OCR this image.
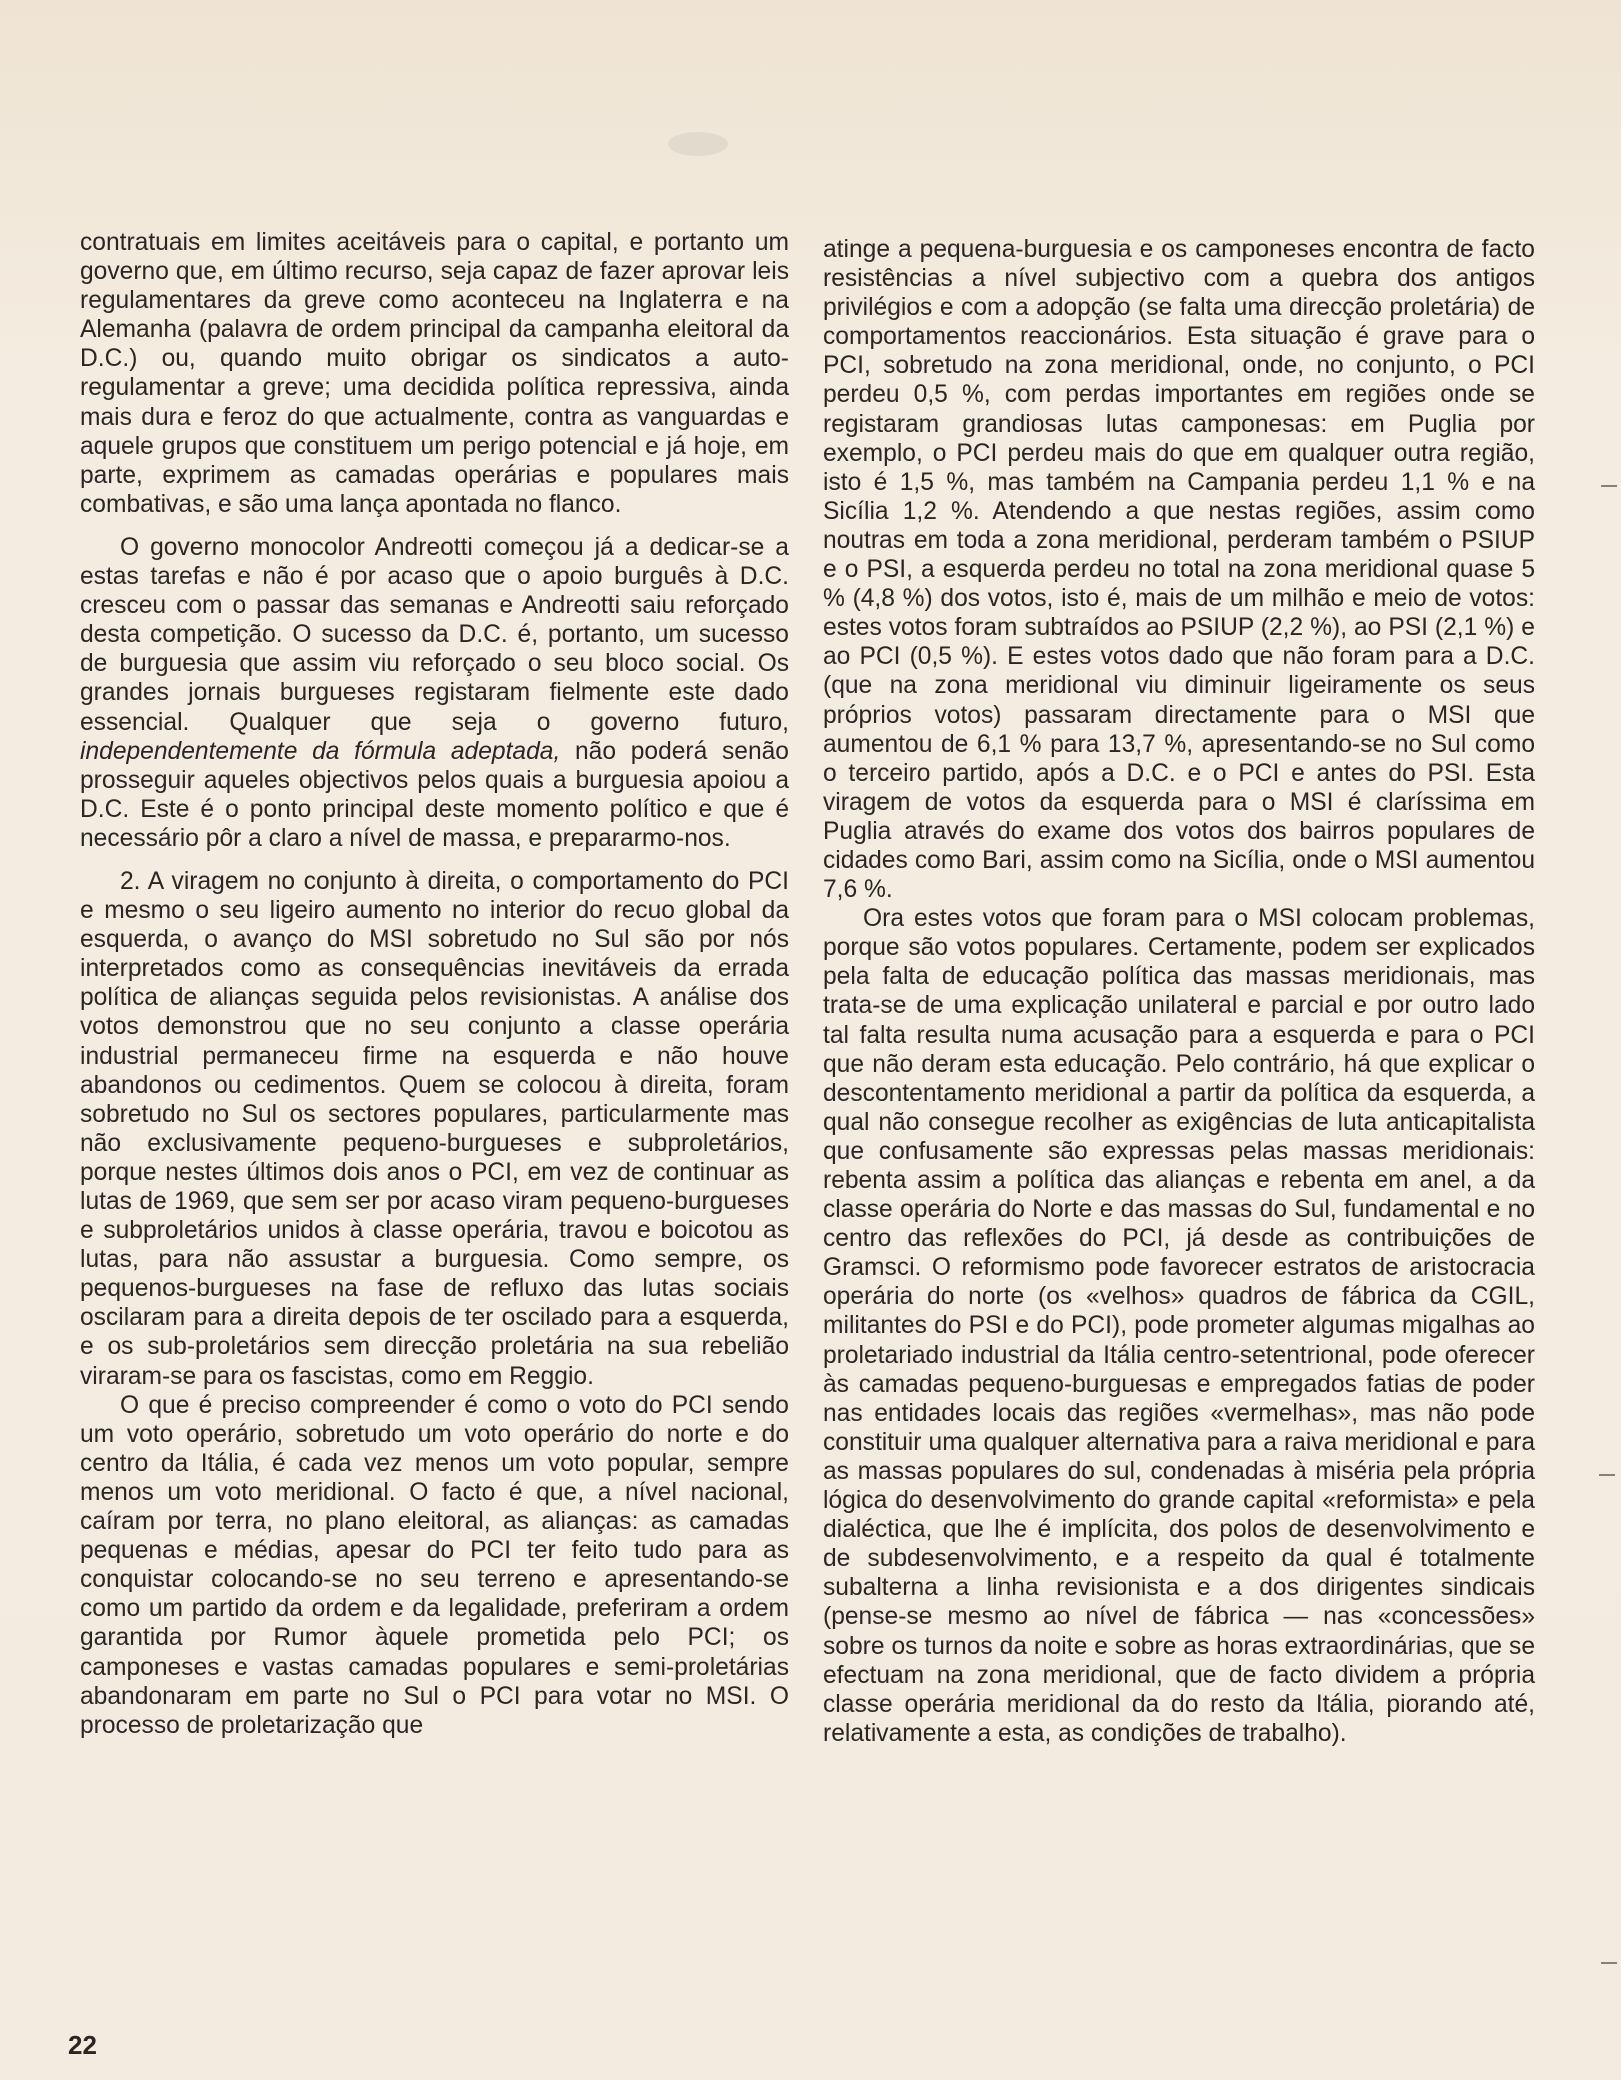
contratuais em limites aceitáveis para o capital, e portanto um governo que, em último recurso, seja capaz de fazer aprovar leis regulamentares da greve como aconteceu na Inglaterra e na Alemanha (palavra de ordem principal da campanha eleitoral da D.C.) ou, quando muito obrigar os sindicatos a auto-regulamentar a greve; uma decidida política repressiva, ainda mais dura e feroz do que actualmente, contra as vanguardas e aquele grupos que constituem um perigo potencial e já hoje, em parte, exprimem as camadas operárias e populares mais combativas, e são uma lança apontada no flanco.

O governo monocolor Andreotti começou já a dedicar-se a estas tarefas e não é por acaso que o apoio burguês à D.C. cresceu com o passar das semanas e Andreotti saiu reforçado desta competição. O sucesso da D.C. é, portanto, um sucesso de burguesia que assim viu reforçado o seu bloco social. Os grandes jornais burgueses registaram fielmente este dado essencial. Qualquer que seja o governo futuro, independentemente da fórmula adeptada, não poderá senão prosseguir aqueles objectivos pelos quais a burguesia apoiou a D.C. Este é o ponto principal deste momento político e que é necessário pôr a claro a nível de massa, e prepararmo-nos.

2. A viragem no conjunto à direita, o comportamento do PCI e mesmo o seu ligeiro aumento no interior do recuo global da esquerda, o avanço do MSI sobretudo no Sul são por nós interpretados como as consequências inevitáveis da errada política de alianças seguida pelos revisionistas. A análise dos votos demonstrou que no seu conjunto a classe operária industrial permaneceu firme na esquerda e não houve abandonos ou cedimentos. Quem se colocou à direita, foram sobretudo no Sul os sectores populares, particularmente mas não exclusivamente pequeno-burgueses e subproletários, porque nestes últimos dois anos o PCI, em vez de continuar as lutas de 1969, que sem ser por acaso viram pequeno-burgueses e subproletários unidos à classe operária, travou e boicotou as lutas, para não assustar a burguesia. Como sempre, os pequenos-burgueses na fase de refluxo das lutas sociais oscilaram para a direita depois de ter oscilado para a esquerda, e os sub-proletários sem direcção proletária na sua rebelião viraram-se para os fascistas, como em Reggio.

O que é preciso compreender é como o voto do PCI sendo um voto operário, sobretudo um voto operário do norte e do centro da Itália, é cada vez menos um voto popular, sempre menos um voto meridional. O facto é que, a nível nacional, caíram por terra, no plano eleitoral, as alianças: as camadas pequenas e médias, apesar do PCI ter feito tudo para as conquistar colocando-se no seu terreno e apresentando-se como um partido da ordem e da legalidade, preferiram a ordem garantida por Rumor àquele prometida pelo PCI; os camponeses e vastas camadas populares e semi-proletárias abandonaram em parte no Sul o PCI para votar no MSI. O processo de proletarização que

atinge a pequena-burguesia e os camponeses encontra de facto resistências a nível subjectivo com a quebra dos antigos privilégios e com a adopção (se falta uma direcção proletária) de comportamentos reaccionários. Esta situação é grave para o PCI, sobretudo na zona meridional, onde, no conjunto, o PCI perdeu 0,5 %, com perdas importantes em regiões onde se registaram grandiosas lutas camponesas: em Puglia por exemplo, o PCI perdeu mais do que em qualquer outra região, isto é 1,5 %, mas também na Campania perdeu 1,1 % e na Sicília 1,2 %. Atendendo a que nestas regiões, assim como noutras em toda a zona meridional, perderam também o PSIUP e o PSI, a esquerda perdeu no total na zona meridional quase 5 % (4,8 %) dos votos, isto é, mais de um milhão e meio de votos: estes votos foram subtraídos ao PSIUP (2,2 %), ao PSI (2,1 %) e ao PCI (0,5 %). E estes votos dado que não foram para a D.C. (que na zona meridional viu diminuir ligeiramente os seus próprios votos) passaram directamente para o MSI que aumentou de 6,1 % para 13,7 %, apresentando-se no Sul como o terceiro partido, após a D.C. e o PCI e antes do PSI. Esta viragem de votos da esquerda para o MSI é claríssima em Puglia através do exame dos votos dos bairros populares de cidades como Bari, assim como na Sicília, onde o MSI aumentou 7,6 %.

Ora estes votos que foram para o MSI colocam problemas, porque são votos populares. Certamente, podem ser explicados pela falta de educação política das massas meridionais, mas trata-se de uma explicação unilateral e parcial e por outro lado tal falta resulta numa acusação para a esquerda e para o PCI que não deram esta educação. Pelo contrário, há que explicar o descontentamento meridional a partir da política da esquerda, a qual não consegue recolher as exigências de luta anticapitalista que confusamente são expressas pelas massas meridionais: rebenta assim a política das alianças e rebenta em anel, a da classe operária do Norte e das massas do Sul, fundamental e no centro das reflexões do PCI, já desde as contribuições de Gramsci. O reformismo pode favorecer estratos de aristocracia operária do norte (os «velhos» quadros de fábrica da CGIL, militantes do PSI e do PCI), pode prometer algumas migalhas ao proletariado industrial da Itália centro-setentrional, pode oferecer às camadas pequeno-burguesas e empregados fatias de poder nas entidades locais das regiões «vermelhas», mas não pode constituir uma qualquer alternativa para a raiva meridional e para as massas populares do sul, condenadas à miséria pela própria lógica do desenvolvimento do grande capital «reformista» e pela dialéctica, que lhe é implícita, dos polos de desenvolvimento e de subdesenvolvimento, e a respeito da qual é totalmente subalterna a linha revisionista e a dos dirigentes sindicais (pense-se mesmo ao nível de fábrica — nas «concessões» sobre os turnos da noite e sobre as horas extraordinárias, que se efectuam na zona meridional, que de facto dividem a própria classe operária meridional da do resto da Itália, piorando até, relativamente a esta, as condições de trabalho).

22
